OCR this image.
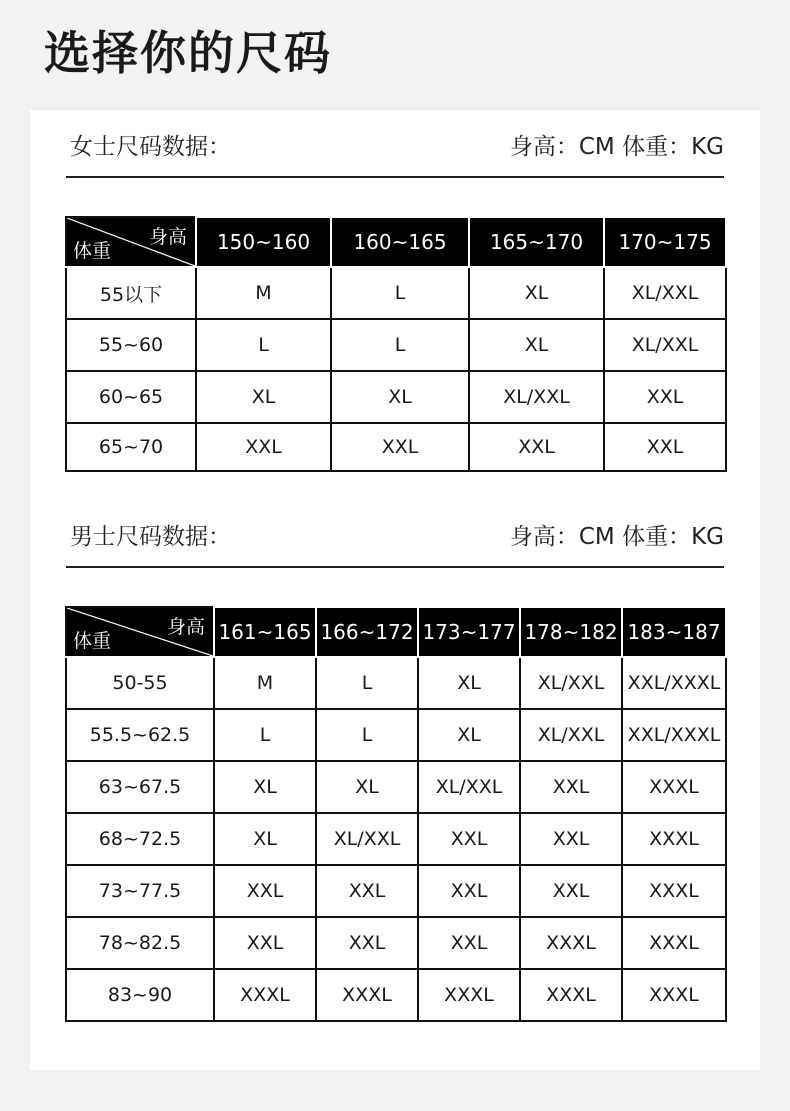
选择你的尺码
女士尺码数据：	身高：CM 体重：KG
身高
体重	150~160	160~165	165~170	170~175
55以下	M	L	XL	XL/XXL
55~60	L	L	XL	XL/XXL
60~65	XL	XL	XL/XXL	XXL
65~70	XXL	XXL	XXL	XXL
男士尺码数据：	身高：CM 体重：KG
身高
体重	161~165	166~172	173~177	178~182	183~187
50-55	M	L	XL	XL/XXL	XXL/XXXL
55.5~62.5	L	L	XL	XL/XXL	XXL/XXXL
63~67.5	XL	XL	XL/XXL	XXL	XXXL
68~72.5	XL	XL/XXL	XXL	XXL	XXXL
73~77.5	XXL	XXL	XXL	XXL	XXXL
78~82.5	XXL	XXL	XXL	XXXL	XXXL
83~90	XXXL	XXXL	XXXL	XXXL	XXXL
